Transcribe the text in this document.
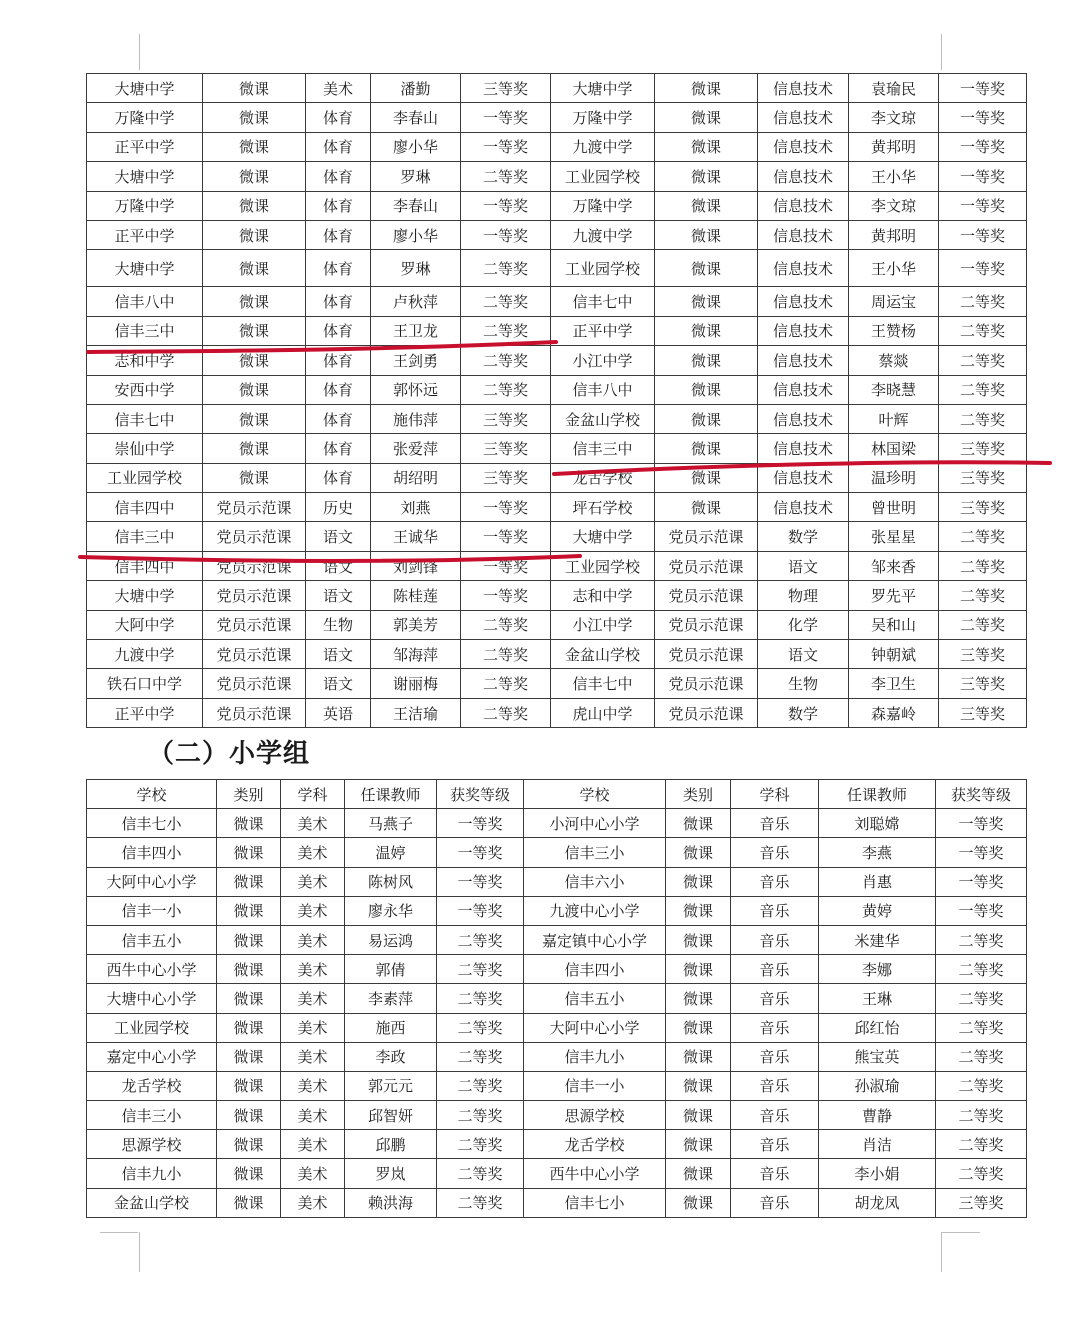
大塘中学	微课	美术	潘勤	三等奖	大塘中学	微课	信息技术	袁瑜民	一等奖
万隆中学	微课	体育	李春山	一等奖	万隆中学	微课	信息技术	李文琼	一等奖
正平中学	微课	体育	廖小华	一等奖	九渡中学	微课	信息技术	黄邦明	一等奖
大塘中学	微课	体育	罗琳	二等奖	工业园学校	微课	信息技术	王小华	一等奖
万隆中学	微课	体育	李春山	一等奖	万隆中学	微课	信息技术	李文琼	一等奖
正平中学	微课	体育	廖小华	一等奖	九渡中学	微课	信息技术	黄邦明	一等奖
大塘中学	微课	体育	罗琳	二等奖	工业园学校	微课	信息技术	王小华	一等奖
信丰八中	微课	体育	卢秋萍	二等奖	信丰七中	微课	信息技术	周运宝	二等奖
信丰三中	微课	体育	王卫龙	二等奖	正平中学	微课	信息技术	王赞杨	二等奖
志和中学	微课	体育	王剑勇	二等奖	小江中学	微课	信息技术	蔡燚	二等奖
安西中学	微课	体育	郭怀远	二等奖	信丰八中	微课	信息技术	李晓慧	二等奖
信丰七中	微课	体育	施伟萍	三等奖	金盆山学校	微课	信息技术	叶辉	二等奖
崇仙中学	微课	体育	张爱萍	三等奖	信丰三中	微课	信息技术	林国梁	三等奖
工业园学校	微课	体育	胡绍明	三等奖	龙舌学校	微课	信息技术	温珍明	三等奖
信丰四中	党员示范课	历史	刘燕	一等奖	坪石学校	微课	信息技术	曾世明	三等奖
信丰三中	党员示范课	语文	王诚华	一等奖	大塘中学	党员示范课	数学	张星星	二等奖
信丰四中	党员示范课	语文	刘剑锋	一等奖	工业园学校	党员示范课	语文	邹来香	二等奖
大塘中学	党员示范课	语文	陈桂莲	一等奖	志和中学	党员示范课	物理	罗先平	二等奖
大阿中学	党员示范课	生物	郭美芳	二等奖	小江中学	党员示范课	化学	吴和山	二等奖
九渡中学	党员示范课	语文	邹海萍	二等奖	金盆山学校	党员示范课	语文	钟朝斌	三等奖
铁石口中学	党员示范课	语文	谢丽梅	二等奖	信丰七中	党员示范课	生物	李卫生	三等奖
正平中学	党员示范课	英语	王洁瑜	二等奖	虎山中学	党员示范课	数学	森嘉岭	三等奖
（二）小学组
学校	类别	学科	任课教师	获奖等级	学校	类别	学科	任课教师	获奖等级
信丰七小	微课	美术	马燕子	一等奖	小河中心小学	微课	音乐	刘聪嫦	一等奖
信丰四小	微课	美术	温婷	一等奖	信丰三小	微课	音乐	李燕	一等奖
大阿中心小学	微课	美术	陈树风	一等奖	信丰六小	微课	音乐	肖惠	一等奖
信丰一小	微课	美术	廖永华	一等奖	九渡中心小学	微课	音乐	黄婷	一等奖
信丰五小	微课	美术	易运鸿	二等奖	嘉定镇中心小学	微课	音乐	米建华	二等奖
西牛中心小学	微课	美术	郭倩	二等奖	信丰四小	微课	音乐	李娜	二等奖
大塘中心小学	微课	美术	李素萍	二等奖	信丰五小	微课	音乐	王琳	二等奖
工业园学校	微课	美术	施西	二等奖	大阿中心小学	微课	音乐	邱红怡	二等奖
嘉定中心小学	微课	美术	李政	二等奖	信丰九小	微课	音乐	熊宝英	二等奖
龙舌学校	微课	美术	郭元元	二等奖	信丰一小	微课	音乐	孙淑瑜	二等奖
信丰三小	微课	美术	邱智妍	二等奖	思源学校	微课	音乐	曹静	二等奖
思源学校	微课	美术	邱鹏	二等奖	龙舌学校	微课	音乐	肖洁	二等奖
信丰九小	微课	美术	罗岚	二等奖	西牛中心小学	微课	音乐	李小娟	二等奖
金盆山学校	微课	美术	赖洪海	二等奖	信丰七小	微课	音乐	胡龙凤	三等奖
